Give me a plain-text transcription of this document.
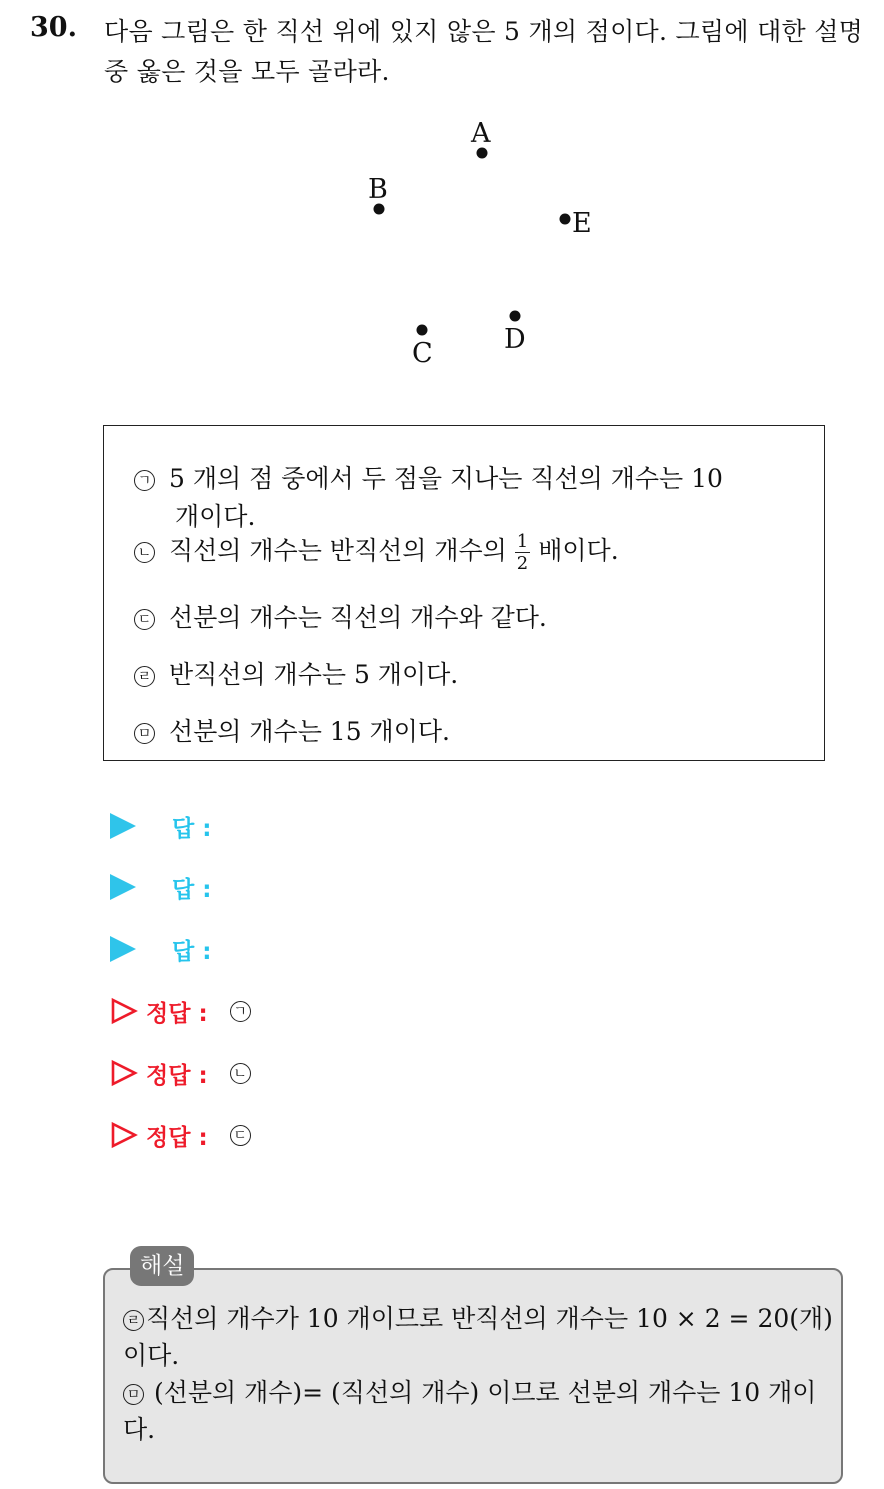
30. 다음 그림은 한 직선 위에 있지 않은 5 개의 점이다. 그림에 대한 설명 중 옳은 것을 모두 골라라.
A
B
E
C	D
ㄱ 5 개의 점 중에서 두 점을 지나는 직선의 개수는 10
개이다.
ㄴ 직선의 개수는 반직선의 개수의 $\frac{1}{2}$ 배이다.
ㄷ 선분의 개수는 직선의 개수와 같다.
ㄹ 반직선의 개수는 5 개이다.
ㅁ 선분의 개수는 15 개이다.
답 :
답 :
답 :
정답 : ㄱ
정답 : ㄴ
정답 : ㄷ
ㄹ 직선의 개수가 10 개이므로 반직선의 개수는 10 × 2 = 20(개)
이다.
ㅁ (선분의 개수)= (직선의 개수) 이므로 선분의 개수는 10 개이
다.
해설
